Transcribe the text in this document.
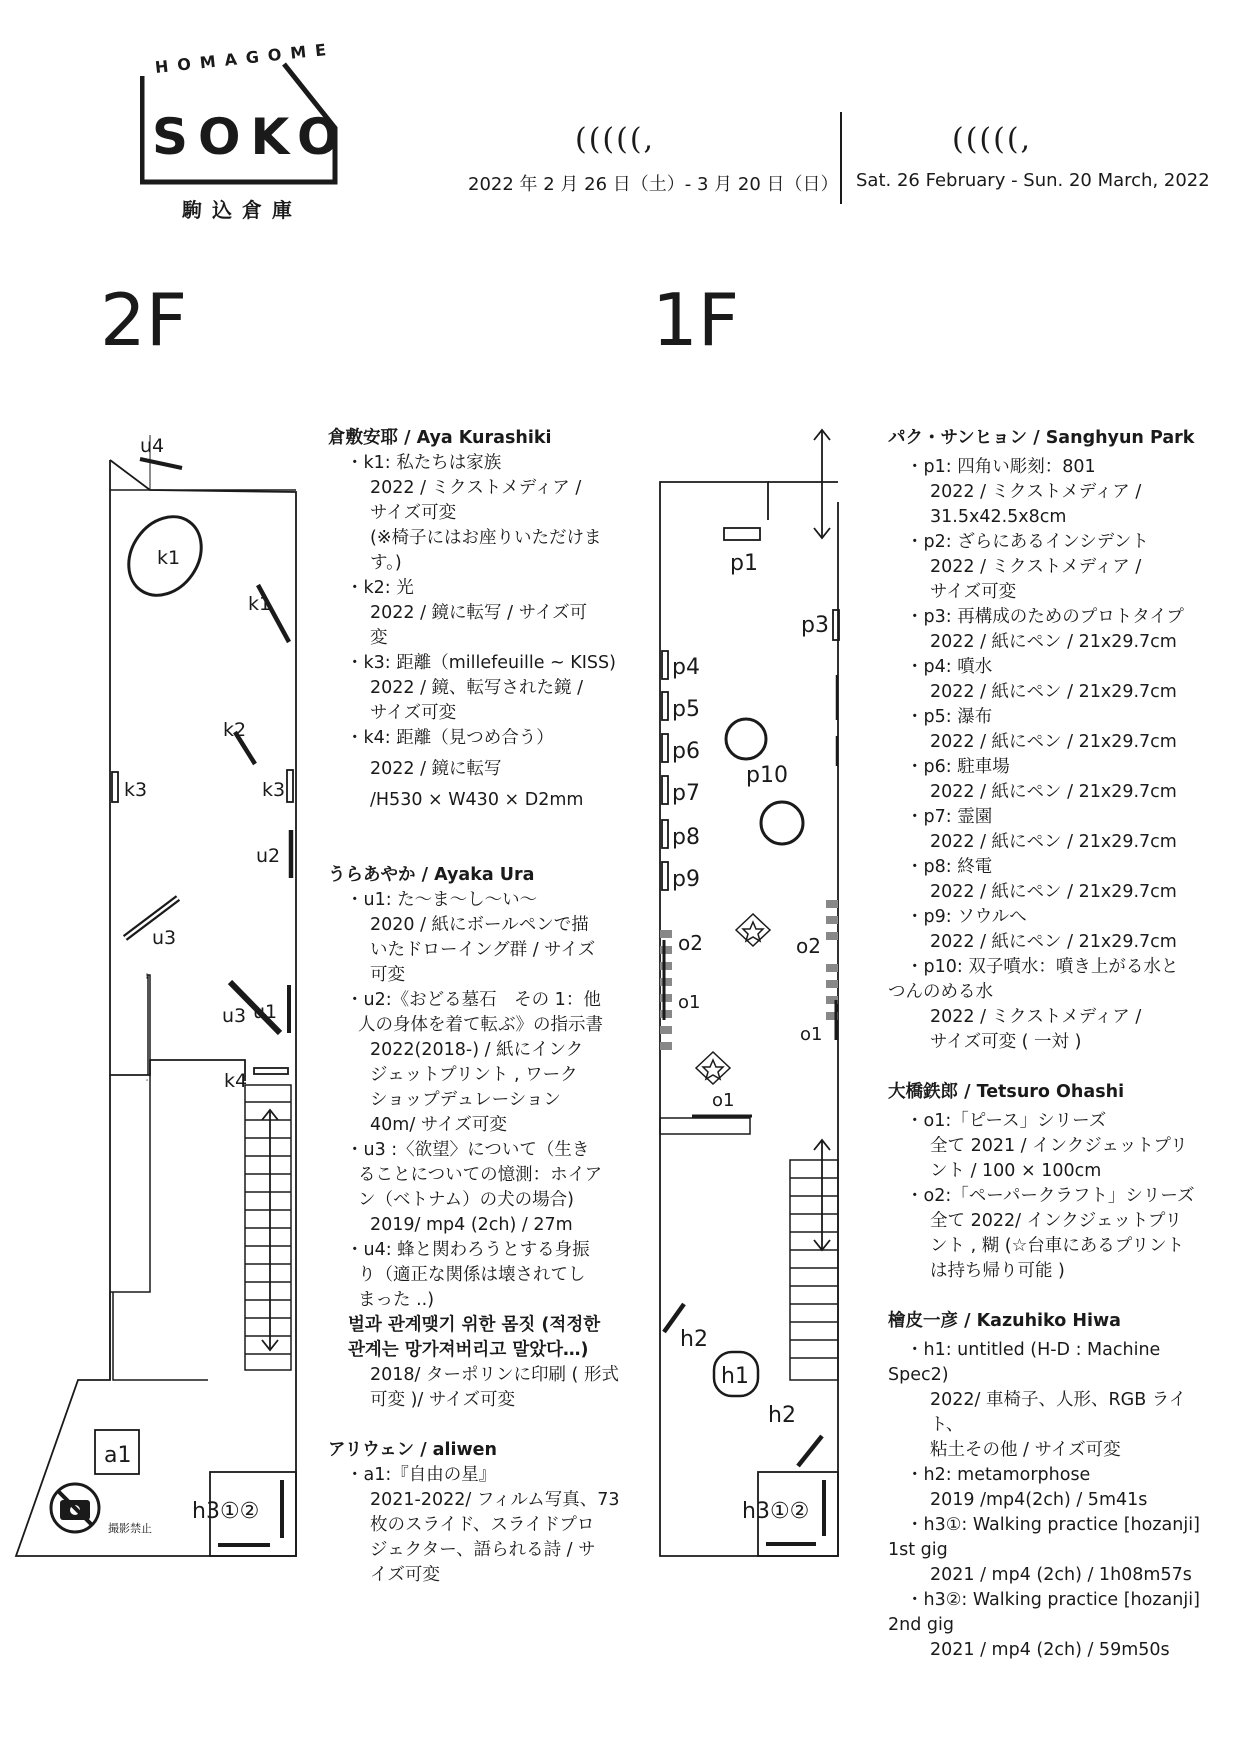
HOMAGOME
SOKO
駒込倉庫
(((((,
2022 年 2 月 26 日（土）- 3 月 20 日（日）
(((((,
Sat. 26 February - Sun. 20 March, 2022
2F	1F
u4
k1
k1
k2
k3	k3
u2
u3
u3 u1
k4
a1
h3①②
撮影禁止
p1
p3
p4
p5
p6
p7
p8
p9
p10
o2
o1
o2
o1
o1
h2
h1
h2
h3①②
倉敷安耶 / Aya Kurashiki
・k1: 私たちは家族
2022 / ミクストメディア /
サイズ可変
(※椅子にはお座りいただけま
す。)
・k2: 光
2022 / 鏡に転写 / サイズ可
変
・k3: 距離（millefeuille ~ KISS)
2022 / 鏡、転写された鏡 /
サイズ可変
・k4: 距離（見つめ合う）
2022 / 鏡に転写
/H530 × W430 × D2mm
うらあやか / Ayaka Ura
・u1: た〜ま〜し〜い〜
2020 / 紙にボールペンで描
いたドローイング群 / サイズ
可変
・u2:《おどる墓石　その 1：他
人の身体を着て転ぶ》の指示書
2022(2018-) / 紙にインク
ジェットプリント , ワーク
ショップデュレーション
40m/ サイズ可変
・u3 :〈欲望〉について（生き
ることについての憶測：ホイア
ン（ベトナム）の犬の場合)
2019/ mp4 (2ch) / 27m
・u4: 蜂と関わろうとする身振
り（適正な関係は壊されてし
まった ..)
벌과 관계맺기 위한 몸짓 (적정한
관계는 망가져버리고 말았다…)
2018/ ターポリンに印刷 ( 形式
可変 )/ サイズ可変
アリウェン / aliwen
・a1:『自由の星』
2021-2022/ フィルム写真、73
枚のスライド、スライドプロ
ジェクター、語られる詩 / サ
イズ可変
パク・サンヒョン / Sanghyun Park
・p1: 四角い彫刻：801
2022 / ミクストメディア /
31.5x42.5x8cm
・p2: ざらにあるインシデント
2022 / ミクストメディア /
サイズ可変
・p3: 再構成のためのプロトタイプ
2022 / 紙にペン / 21x29.7cm
・p4: 噴水
2022 / 紙にペン / 21x29.7cm
・p5: 瀑布
2022 / 紙にペン / 21x29.7cm
・p6: 駐車場
2022 / 紙にペン / 21x29.7cm
・p7: 霊園
2022 / 紙にペン / 21x29.7cm
・p8: 終電
2022 / 紙にペン / 21x29.7cm
・p9: ソウルへ
2022 / 紙にペン / 21x29.7cm
・p10: 双子噴水：噴き上がる水と
つんのめる水
2022 / ミクストメディア /
サイズ可変 ( 一対 )
大橋鉄郎 / Tetsuro Ohashi
・o1:「ピース」シリーズ
全て 2021 / インクジェットプリ
ント / 100 × 100cm
・o2:「ペーパークラフト」シリーズ
全て 2022/ インクジェットプリ
ント , 糊 (☆台車にあるプリント
は持ち帰り可能 )
檜皮一彦 / Kazuhiko Hiwa
・h1: untitled (H-D : Machine
Spec2)
2022/ 車椅子、人形、RGB ライト、
粘土その他 / サイズ可変
・h2: metamorphose
2019 /mp4(2ch) / 5m41s
・h3①: Walking practice [hozanji]
1st gig
2021 / mp4 (2ch) / 1h08m57s
・h3②: Walking practice [hozanji]
2nd gig
2021 / mp4 (2ch) / 59m50s
